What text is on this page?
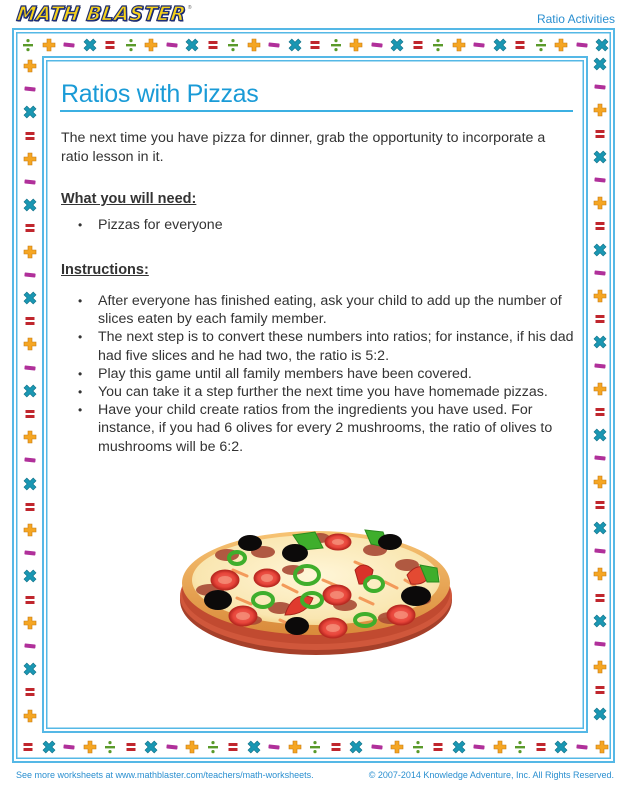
MATH BLASTER ®
Ratio Activities
Ratios with Pizzas

The next time you have pizza for dinner, grab the opportunity to incorporate a ratio lesson in it.

What you will need:
• Pizzas for everyone
Instructions:
• After everyone has finished eating, ask your child to add up the number of slices eaten by each family member.
• The next step is to convert these numbers into ratios; for instance, if his dad had five slices and he had two, the ratio is 5:2.
• Play this game until all family members have been covered.
• You can take it a step further the next time you have homemade pizzas.
• Have your child create ratios from the ingredients you have used. For instance, if you had 6 olives for every 2 mushrooms, the ratio of olives to mushrooms will be 6:2.
See more worksheets at www.mathblaster.com/teachers/math-worksheets.	© 2007-2014 Knowledge Adventure, Inc. All Rights Reserved.
